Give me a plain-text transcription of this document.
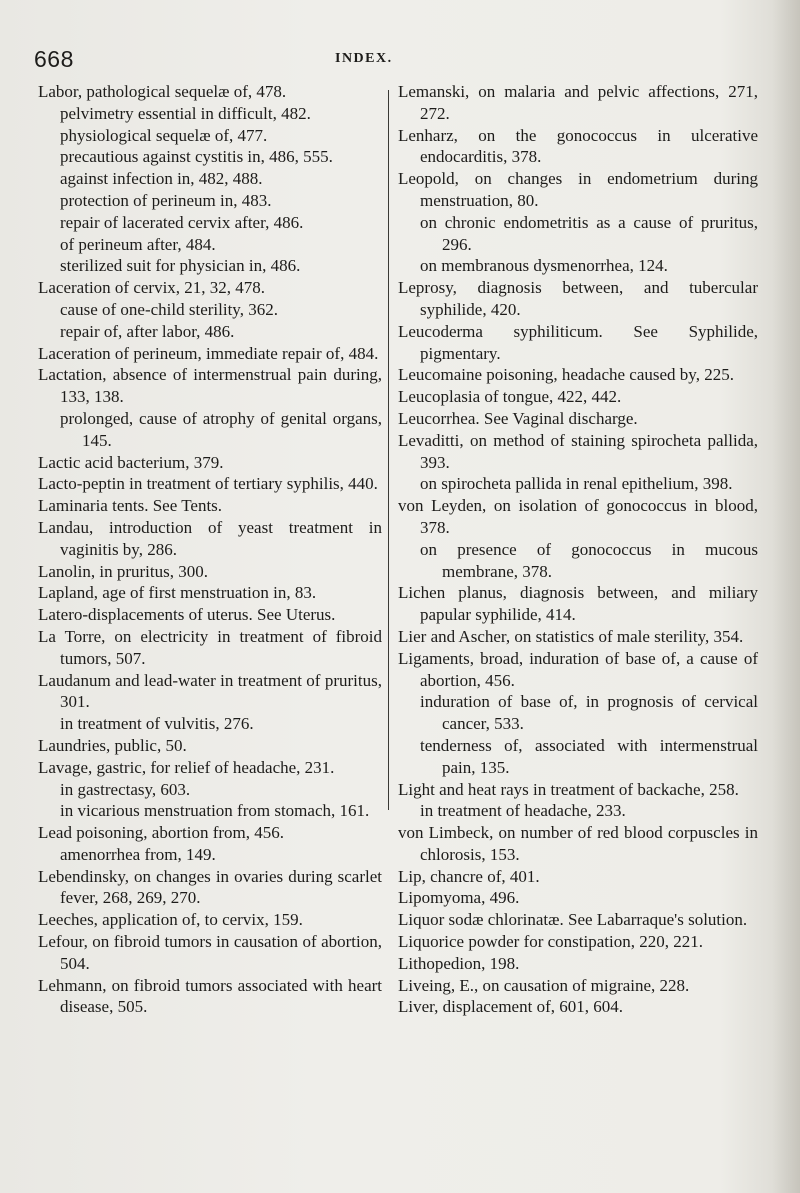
668	INDEX.

Labor, pathological sequelæ of, 478.

pelvimetry essential in difficult, 482.

physiological sequelæ of, 477.

precautious against cystitis in, 486, 555.

against infection in, 482, 488.

protection of perineum in, 483.

repair of lacerated cervix after, 486.

of perineum after, 484.

sterilized suit for physician in, 486.

Laceration of cervix, 21, 32, 478.

cause of one-child sterility, 362.

repair of, after labor, 486.

Laceration of perineum, immediate repair of, 484.

Lactation, absence of intermenstrual pain during, 133, 138.

prolonged, cause of atrophy of genital organs, 145.

Lactic acid bacterium, 379.

Lacto-peptin in treatment of tertiary syphilis, 440.

Laminaria tents. See Tents.

Landau, introduction of yeast treatment in vaginitis by, 286.

Lanolin, in pruritus, 300.

Lapland, age of first menstruation in, 83.

Latero-displacements of uterus. See Uterus.

La Torre, on electricity in treatment of fibroid tumors, 507.

Laudanum and lead-water in treatment of pruritus, 301.

in treatment of vulvitis, 276.

Laundries, public, 50.

Lavage, gastric, for relief of headache, 231.

in gastrectasy, 603.

in vicarious menstruation from stomach, 161.

Lead poisoning, abortion from, 456.

amenorrhea from, 149.

Lebendinsky, on changes in ovaries during scarlet fever, 268, 269, 270.

Leeches, application of, to cervix, 159.

Lefour, on fibroid tumors in causation of abortion, 504.

Lehmann, on fibroid tumors associated with heart disease, 505.

Lemanski, on malaria and pelvic affections, 271, 272.

Lenharz, on the gonococcus in ulcerative endocarditis, 378.

Leopold, on changes in endometrium during menstruation, 80.

on chronic endometritis as a cause of pruritus, 296.

on membranous dysmenorrhea, 124.

Leprosy, diagnosis between, and tubercular syphilide, 420.

Leucoderma syphiliticum. See Syphilide, pigmentary.

Leucomaine poisoning, headache caused by, 225.

Leucoplasia of tongue, 422, 442.

Leucorrhea. See Vaginal discharge.

Levaditti, on method of staining spirocheta pallida, 393.

on spirocheta pallida in renal epithelium, 398.

von Leyden, on isolation of gonococcus in blood, 378.

on presence of gonococcus in mucous membrane, 378.

Lichen planus, diagnosis between, and miliary papular syphilide, 414.

Lier and Ascher, on statistics of male sterility, 354.

Ligaments, broad, induration of base of, a cause of abortion, 456.

induration of base of, in prognosis of cervical cancer, 533.

tenderness of, associated with intermenstrual pain, 135.

Light and heat rays in treatment of backache, 258.

in treatment of headache, 233.

von Limbeck, on number of red blood corpuscles in chlorosis, 153.

Lip, chancre of, 401.

Lipomyoma, 496.

Liquor sodæ chlorinatæ. See Labarraque's solution.

Liquorice powder for constipation, 220, 221.

Lithopedion, 198.

Liveing, E., on causation of migraine, 228.

Liver, displacement of, 601, 604.
